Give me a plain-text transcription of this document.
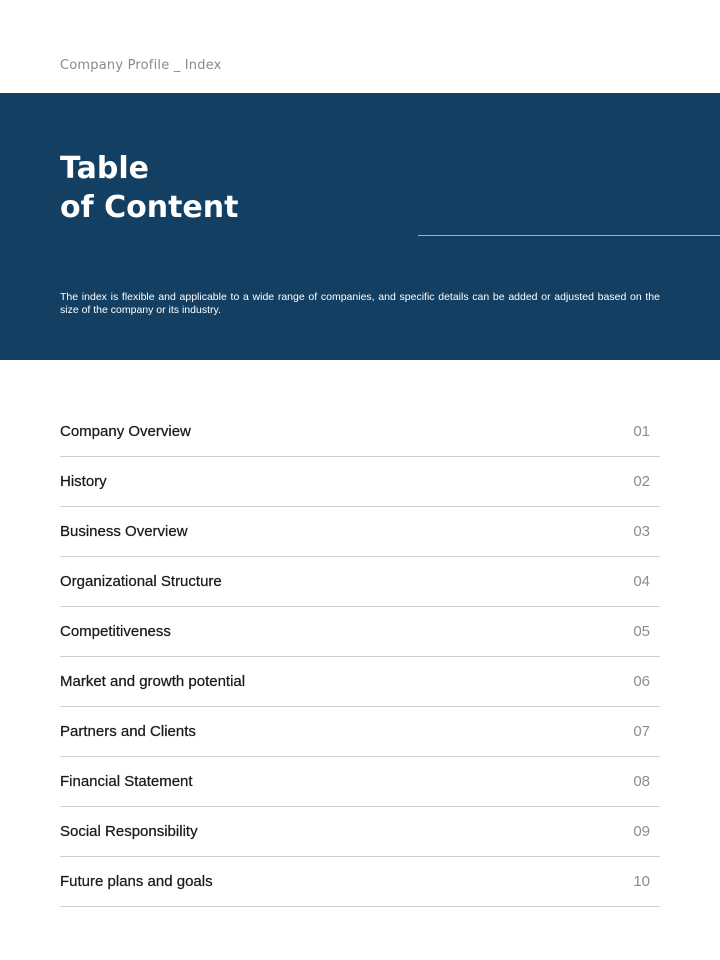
Company Profile _ Index
Table
of Content

The index is flexible and applicable to a wide range of companies, and specific details can be added or adjusted based on the size of the company or its industry.

Company Overview	01
History	02
Business Overview	03
Organizational Structure	04
Competitiveness	05
Market and growth potential	06
Partners and Clients	07
Financial Statement	08
Social Responsibility	09
Future plans and goals	10
